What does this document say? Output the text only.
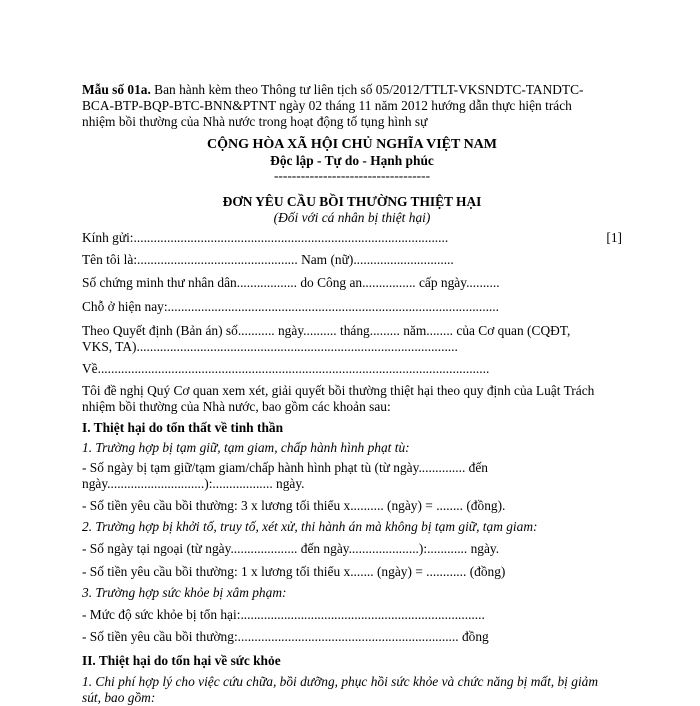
Mẫu số 01a. Ban hành kèm theo Thông tư liên tịch số 05/2012/TTLT-VKSNDTC-TANDTC-

BCA-BTP-BQP-BTC-BNN&PTNT ngày 02 tháng 11 năm 2012 hướng dẫn thực hiện trách

nhiệm bồi thường của Nhà nước trong hoạt động tố tụng hình sự

CỘNG HÒA XÃ HỘI CHỦ NGHĨA VIỆT NAM

Độc lập - Tự do - Hạnh phúc

-----------------------------------

ĐƠN YÊU CẦU BỒI THƯỜNG THIỆT HẠI

(Đối với cá nhân bị thiệt hại)

Kính gửi:..............................................................................................	[1]

Tên tôi là:................................................ Nam (nữ)..............................

Số chứng minh thư nhân dân.................. do Công an................ cấp ngày..........

Chỗ ở hiện nay:...................................................................................................

Theo Quyết định (Bản án) số........... ngày.......... tháng......... năm........ của Cơ quan (CQĐT,

VKS, TA)................................................................................................

Về.....................................................................................................................

Tôi đề nghị Quý Cơ quan xem xét, giải quyết bồi thường thiệt hại theo quy định của Luật Trách

nhiệm bồi thường của Nhà nước, bao gồm các khoản sau:

I. Thiệt hại do tổn thất về tinh thần

1. Trường hợp bị tạm giữ, tạm giam, chấp hành hình phạt tù:

- Số ngày bị tạm giữ/tạm giam/chấp hành hình phạt tù (từ ngày.............. đến

ngày.............................):.................. ngày.

- Số tiền yêu cầu bồi thường: 3 x lương tối thiểu x.......... (ngày) = ........ (đồng).

2. Trường hợp bị khởi tố, truy tố, xét xử, thi hành án mà không bị tạm giữ, tạm giam:

- Số ngày tại ngoại (từ ngày.................... đến ngày.....................):............ ngày.

- Số tiền yêu cầu bồi thường: 1 x lương tối thiểu x....... (ngày) = ............ (đồng)

3. Trường hợp sức khỏe bị xâm phạm:

- Mức độ sức khỏe bị tổn hại:.........................................................................

- Số tiền yêu cầu bồi thường:.................................................................. đồng

II. Thiệt hại do tổn hại về sức khỏe

1. Chi phí hợp lý cho việc cứu chữa, bồi dưỡng, phục hồi sức khỏe và chức năng bị mất, bị giảm

sút, bao gồm:
